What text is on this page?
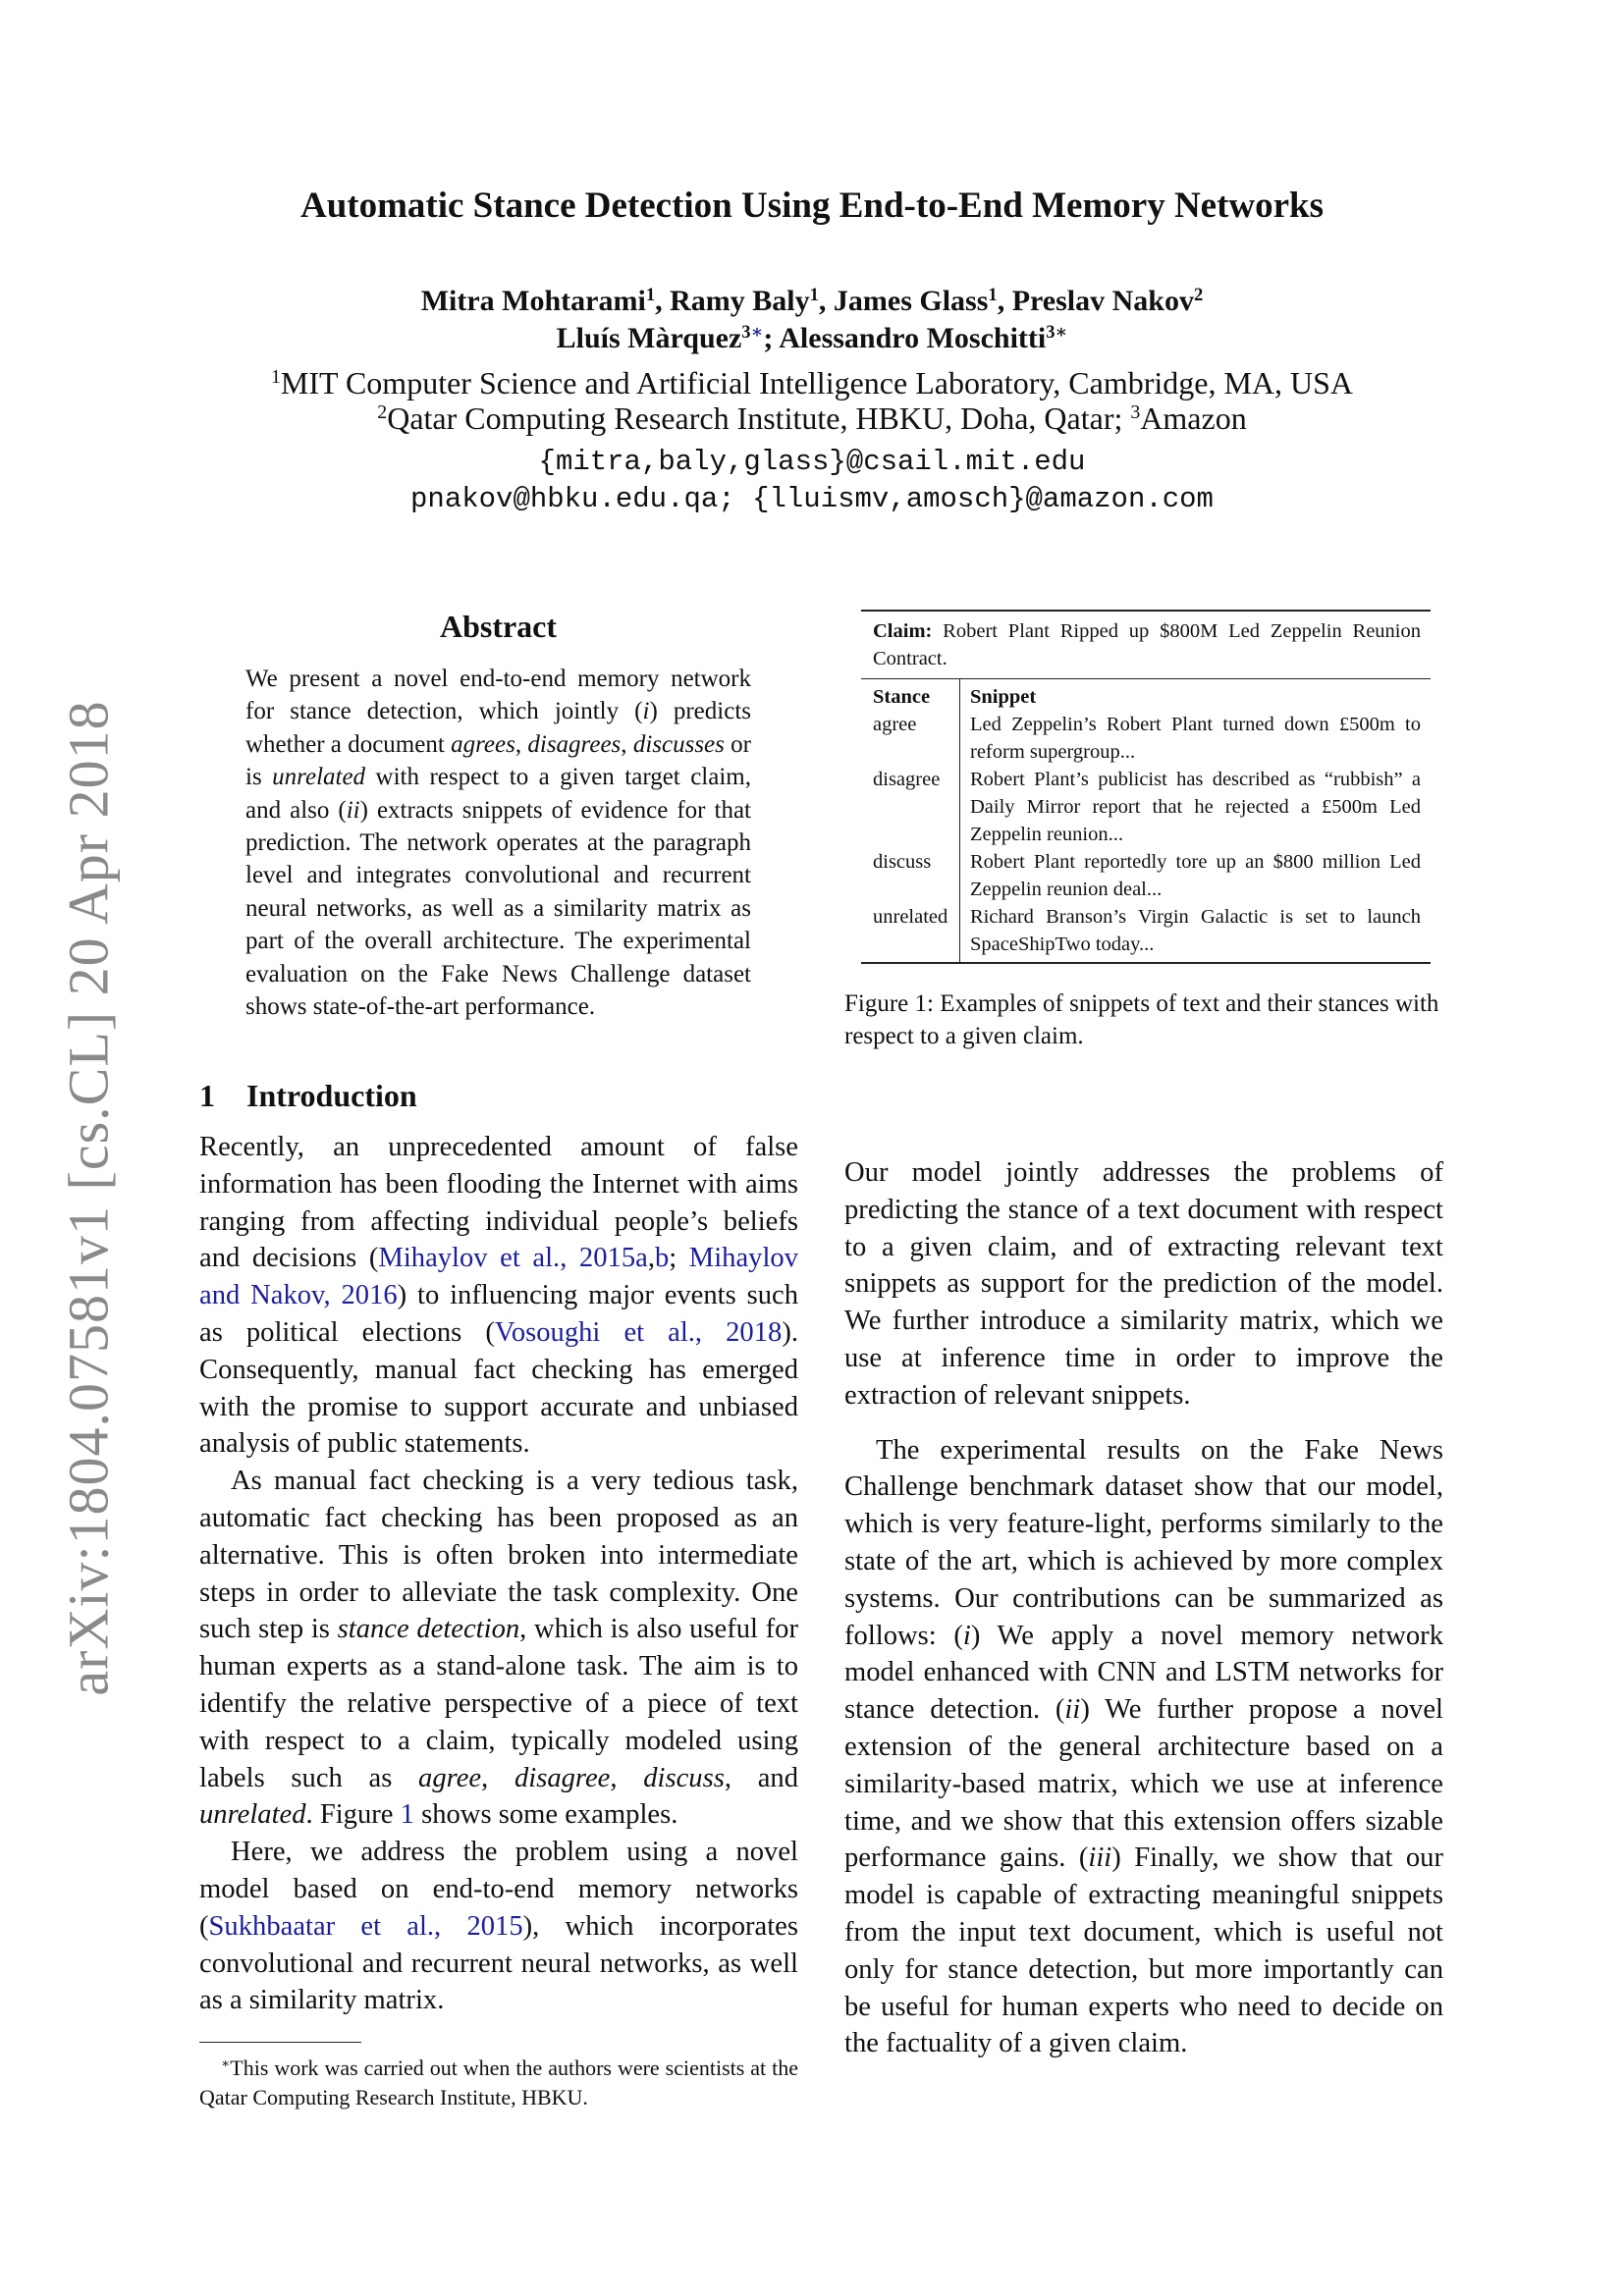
arXiv:1804.07581v1 [cs.CL] 20 Apr 2018
Automatic Stance Detection Using End-to-End Memory Networks
Mitra Mohtarami$^1$, Ramy Baly$^1$, James Glass$^1$, Preslav Nakov$^2$
Lluís Màrquez$^{3∗}$; Alessandro Moschitti$^{3∗}$
$^1$MIT Computer Science and Artificial Intelligence Laboratory, Cambridge, MA, USA
$^2$Qatar Computing Research Institute, HBKU, Doha, Qatar; $^3$Amazon
{mitra,baly,glass}@csail.mit.edu
pnakov@hbku.edu.qa; {lluismv,amosch}@amazon.com
Abstract

We present a novel end-to-end memory network for stance detection, which jointly (i) predicts whether a document agrees, disagrees, discusses or is unrelated with respect to a given target claim, and also (ii) extracts snippets of evidence for that prediction. The network operates at the paragraph level and integrates convolutional and recurrent neural networks, as well as a similarity matrix as part of the overall architecture. The experimental evaluation on the Fake News Challenge dataset shows state-of-the-art performance.

1 Introduction

Recently, an unprecedented amount of false information has been flooding the Internet with aims ranging from affecting individual people’s beliefs and decisions (Mihaylov et al., 2015a,b; Mihaylov and Nakov, 2016) to influencing major events such as political elections (Vosoughi et al., 2018). Consequently, manual fact checking has emerged with the promise to support accurate and unbiased analysis of public statements.

As manual fact checking is a very tedious task, automatic fact checking has been proposed as an alternative. This is often broken into intermediate steps in order to alleviate the task complexity. One such step is stance detection, which is also useful for human experts as a stand-alone task. The aim is to identify the relative perspective of a piece of text with respect to a claim, typically modeled using labels such as agree, disagree, discuss, and unrelated. Figure 1 shows some examples.

Here, we address the problem using a novel model based on end-to-end memory networks (Sukhbaatar et al., 2015), which incorporates convolutional and recurrent neural networks, as well as a similarity matrix.

∗This work was carried out when the authors were scientists at the Qatar Computing Research Institute, HBKU.
Claim: Robert Plant Ripped up $800M Led Zeppelin Reunion Contract.
Stance	Snippet
agree	Led Zeppelin’s Robert Plant turned down £500m to reform supergroup...
disagree	Robert Plant’s publicist has described as “rubbish” a Daily Mirror report that he rejected a £500m Led Zeppelin reunion...
discuss	Robert Plant reportedly tore up an $800 million Led Zeppelin reunion deal...
unrelated	Richard Branson’s Virgin Galactic is set to launch SpaceShipTwo today...
Figure 1: Examples of snippets of text and their stances with respect to a given claim.

Our model jointly addresses the problems of predicting the stance of a text document with respect to a given claim, and of extracting relevant text snippets as support for the prediction of the model. We further introduce a similarity matrix, which we use at inference time in order to improve the extraction of relevant snippets.

The experimental results on the Fake News Challenge benchmark dataset show that our model, which is very feature-light, performs similarly to the state of the art, which is achieved by more complex systems. Our contributions can be summarized as follows: (i) We apply a novel memory network model enhanced with CNN and LSTM networks for stance detection. (ii) We further propose a novel extension of the general architecture based on a similarity-based matrix, which we use at inference time, and we show that this extension offers sizable performance gains. (iii) Finally, we show that our model is capable of extracting meaningful snippets from the input text document, which is useful not only for stance detection, but more importantly can be useful for human experts who need to decide on the factuality of a given claim.
